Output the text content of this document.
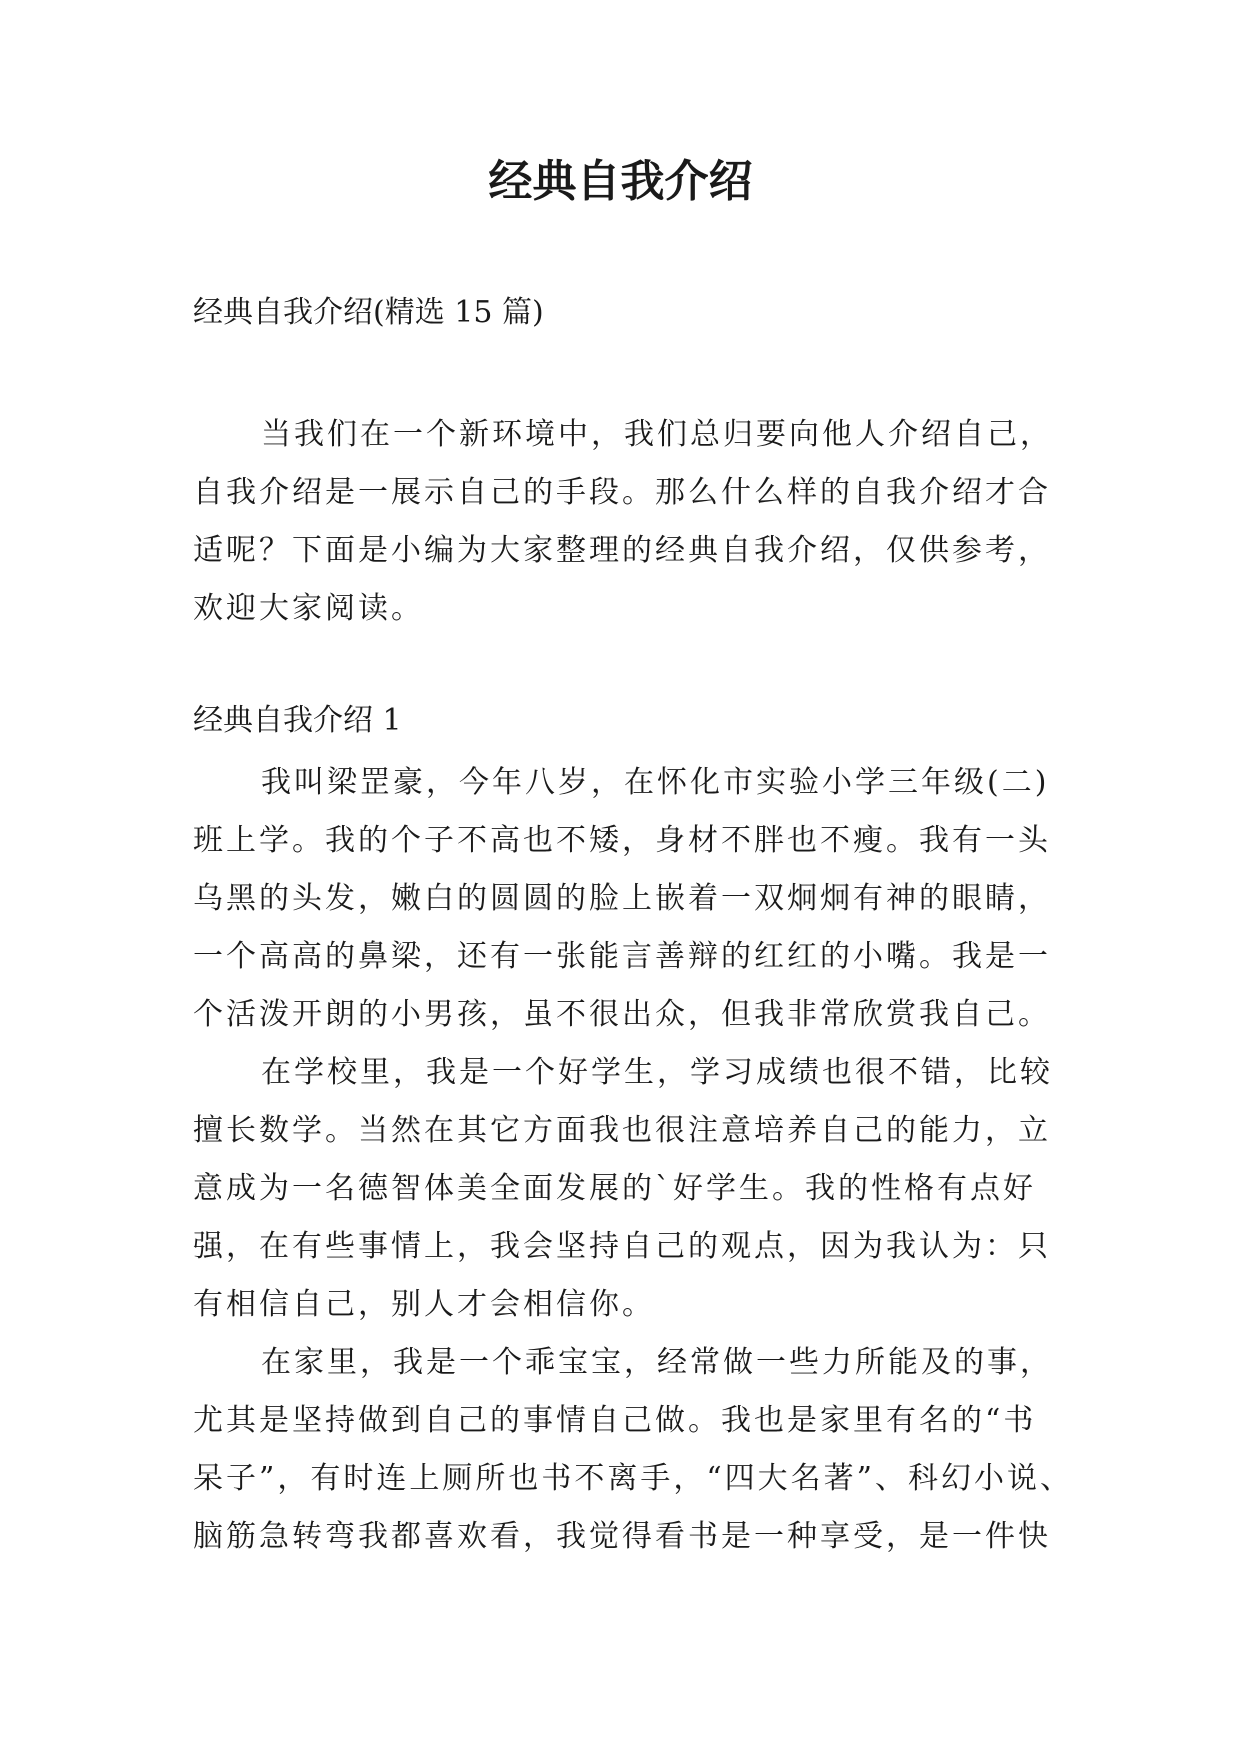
经典自我介绍

经典自我介绍(精选 15 篇)

当我们在一个新环境中，我们总归要向他人介绍自己，
自我介绍是一展示自己的手段。那么什么样的自我介绍才合
适呢？下面是小编为大家整理的经典自我介绍，仅供参考，
欢迎大家阅读。

经典自我介绍 1

我叫梁罡豪，今年八岁，在怀化市实验小学三年级(二)
班上学。我的个子不高也不矮，身材不胖也不瘦。我有一头
乌黑的头发，嫩白的圆圆的脸上嵌着一双炯炯有神的眼睛，
一个高高的鼻梁，还有一张能言善辩的红红的小嘴。我是一
个活泼开朗的小男孩，虽不很出众，但我非常欣赏我自己。
在学校里，我是一个好学生，学习成绩也很不错，比较
擅长数学。当然在其它方面我也很注意培养自己的能力，立
意成为一名德智体美全面发展的`好学生。我的性格有点好
强，在有些事情上，我会坚持自己的观点，因为我认为：只
有相信自己，别人才会相信你。
在家里，我是一个乖宝宝，经常做一些力所能及的事，
尤其是坚持做到自己的事情自己做。我也是家里有名的“书
呆子”，有时连上厕所也书不离手，“四大名著”、科幻小说、
脑筋急转弯我都喜欢看，我觉得看书是一种享受，是一件快
